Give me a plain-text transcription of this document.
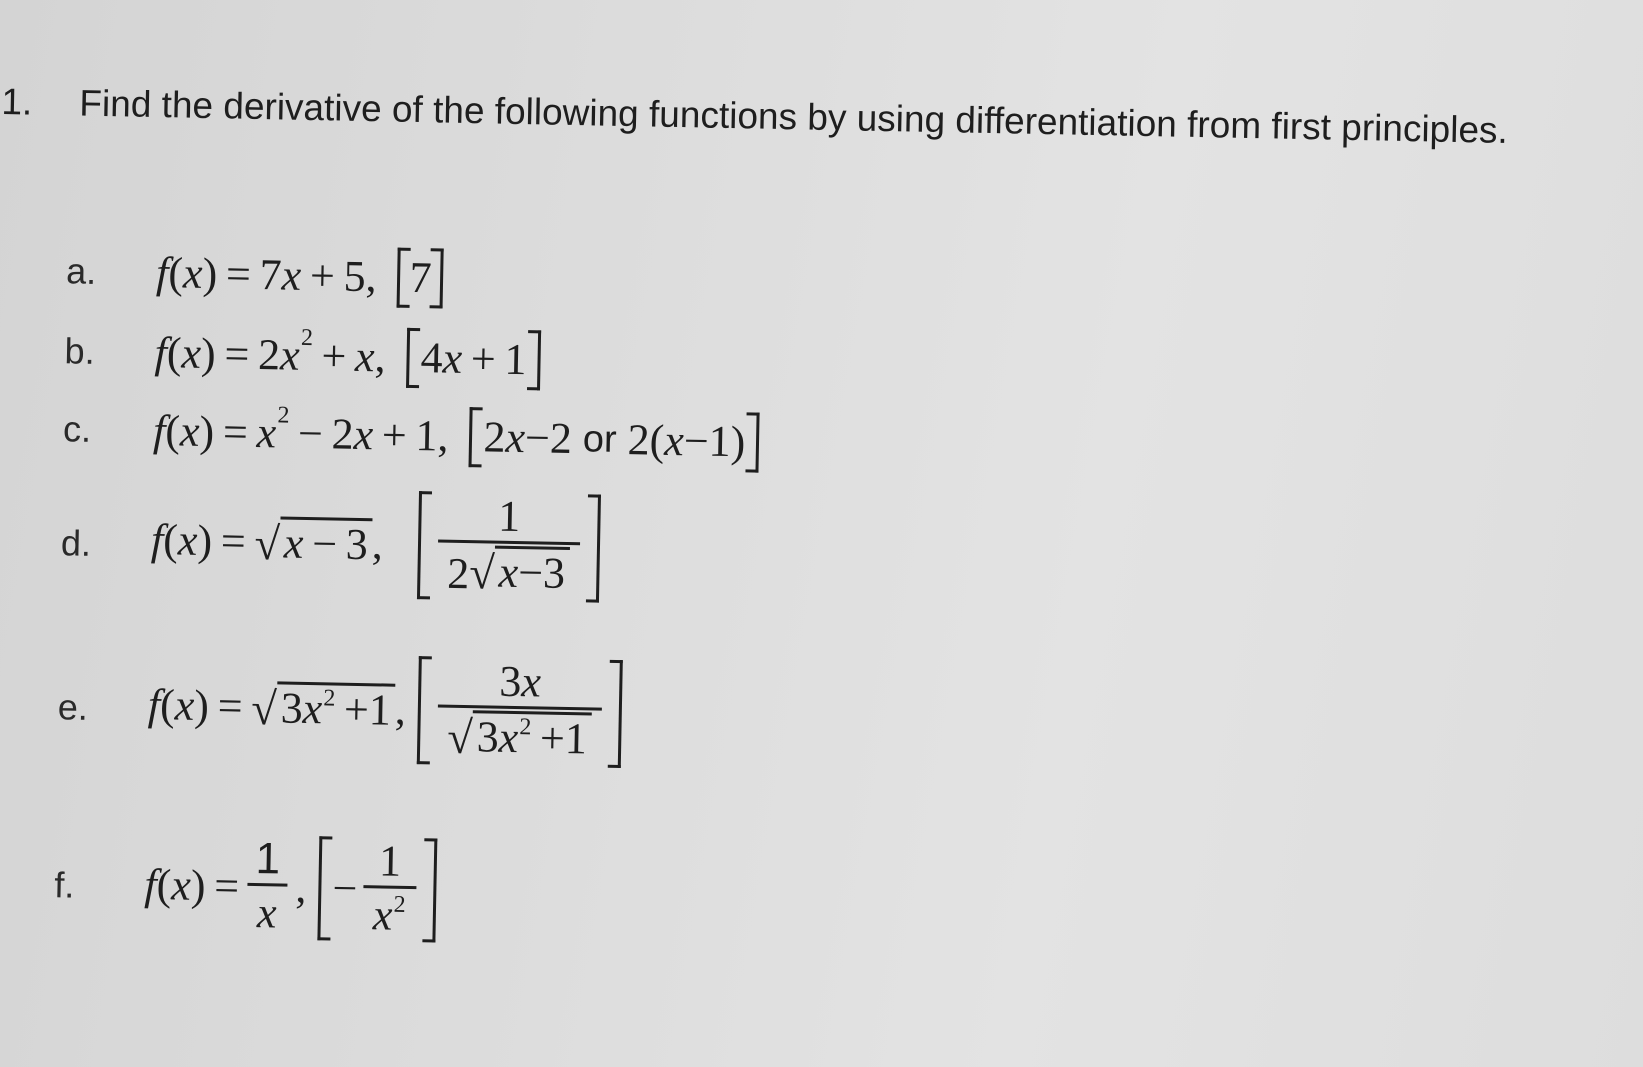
1. Find the derivative of the following functions by using differentiation from first principles.
a. f ( x ) = 7 x  + 5, 7
b. f ( x ) = 2 x 2
 +  x , 4 x  + 1
c. f ( x ) =  x 2
 − 2 x  + 1, 2 x −2 or 2( x −1)
d. f ( x ) = 
√ x − 3 , $\frac{1}{2 √ x-3}$
e. f ( x ) = 
√ $3x^2 +1$ , $\frac{3x}{√ 3x^2 +1}$
f. f ( x ) = $\frac{1}{x}$ , − $\frac{1}{x^2}$
